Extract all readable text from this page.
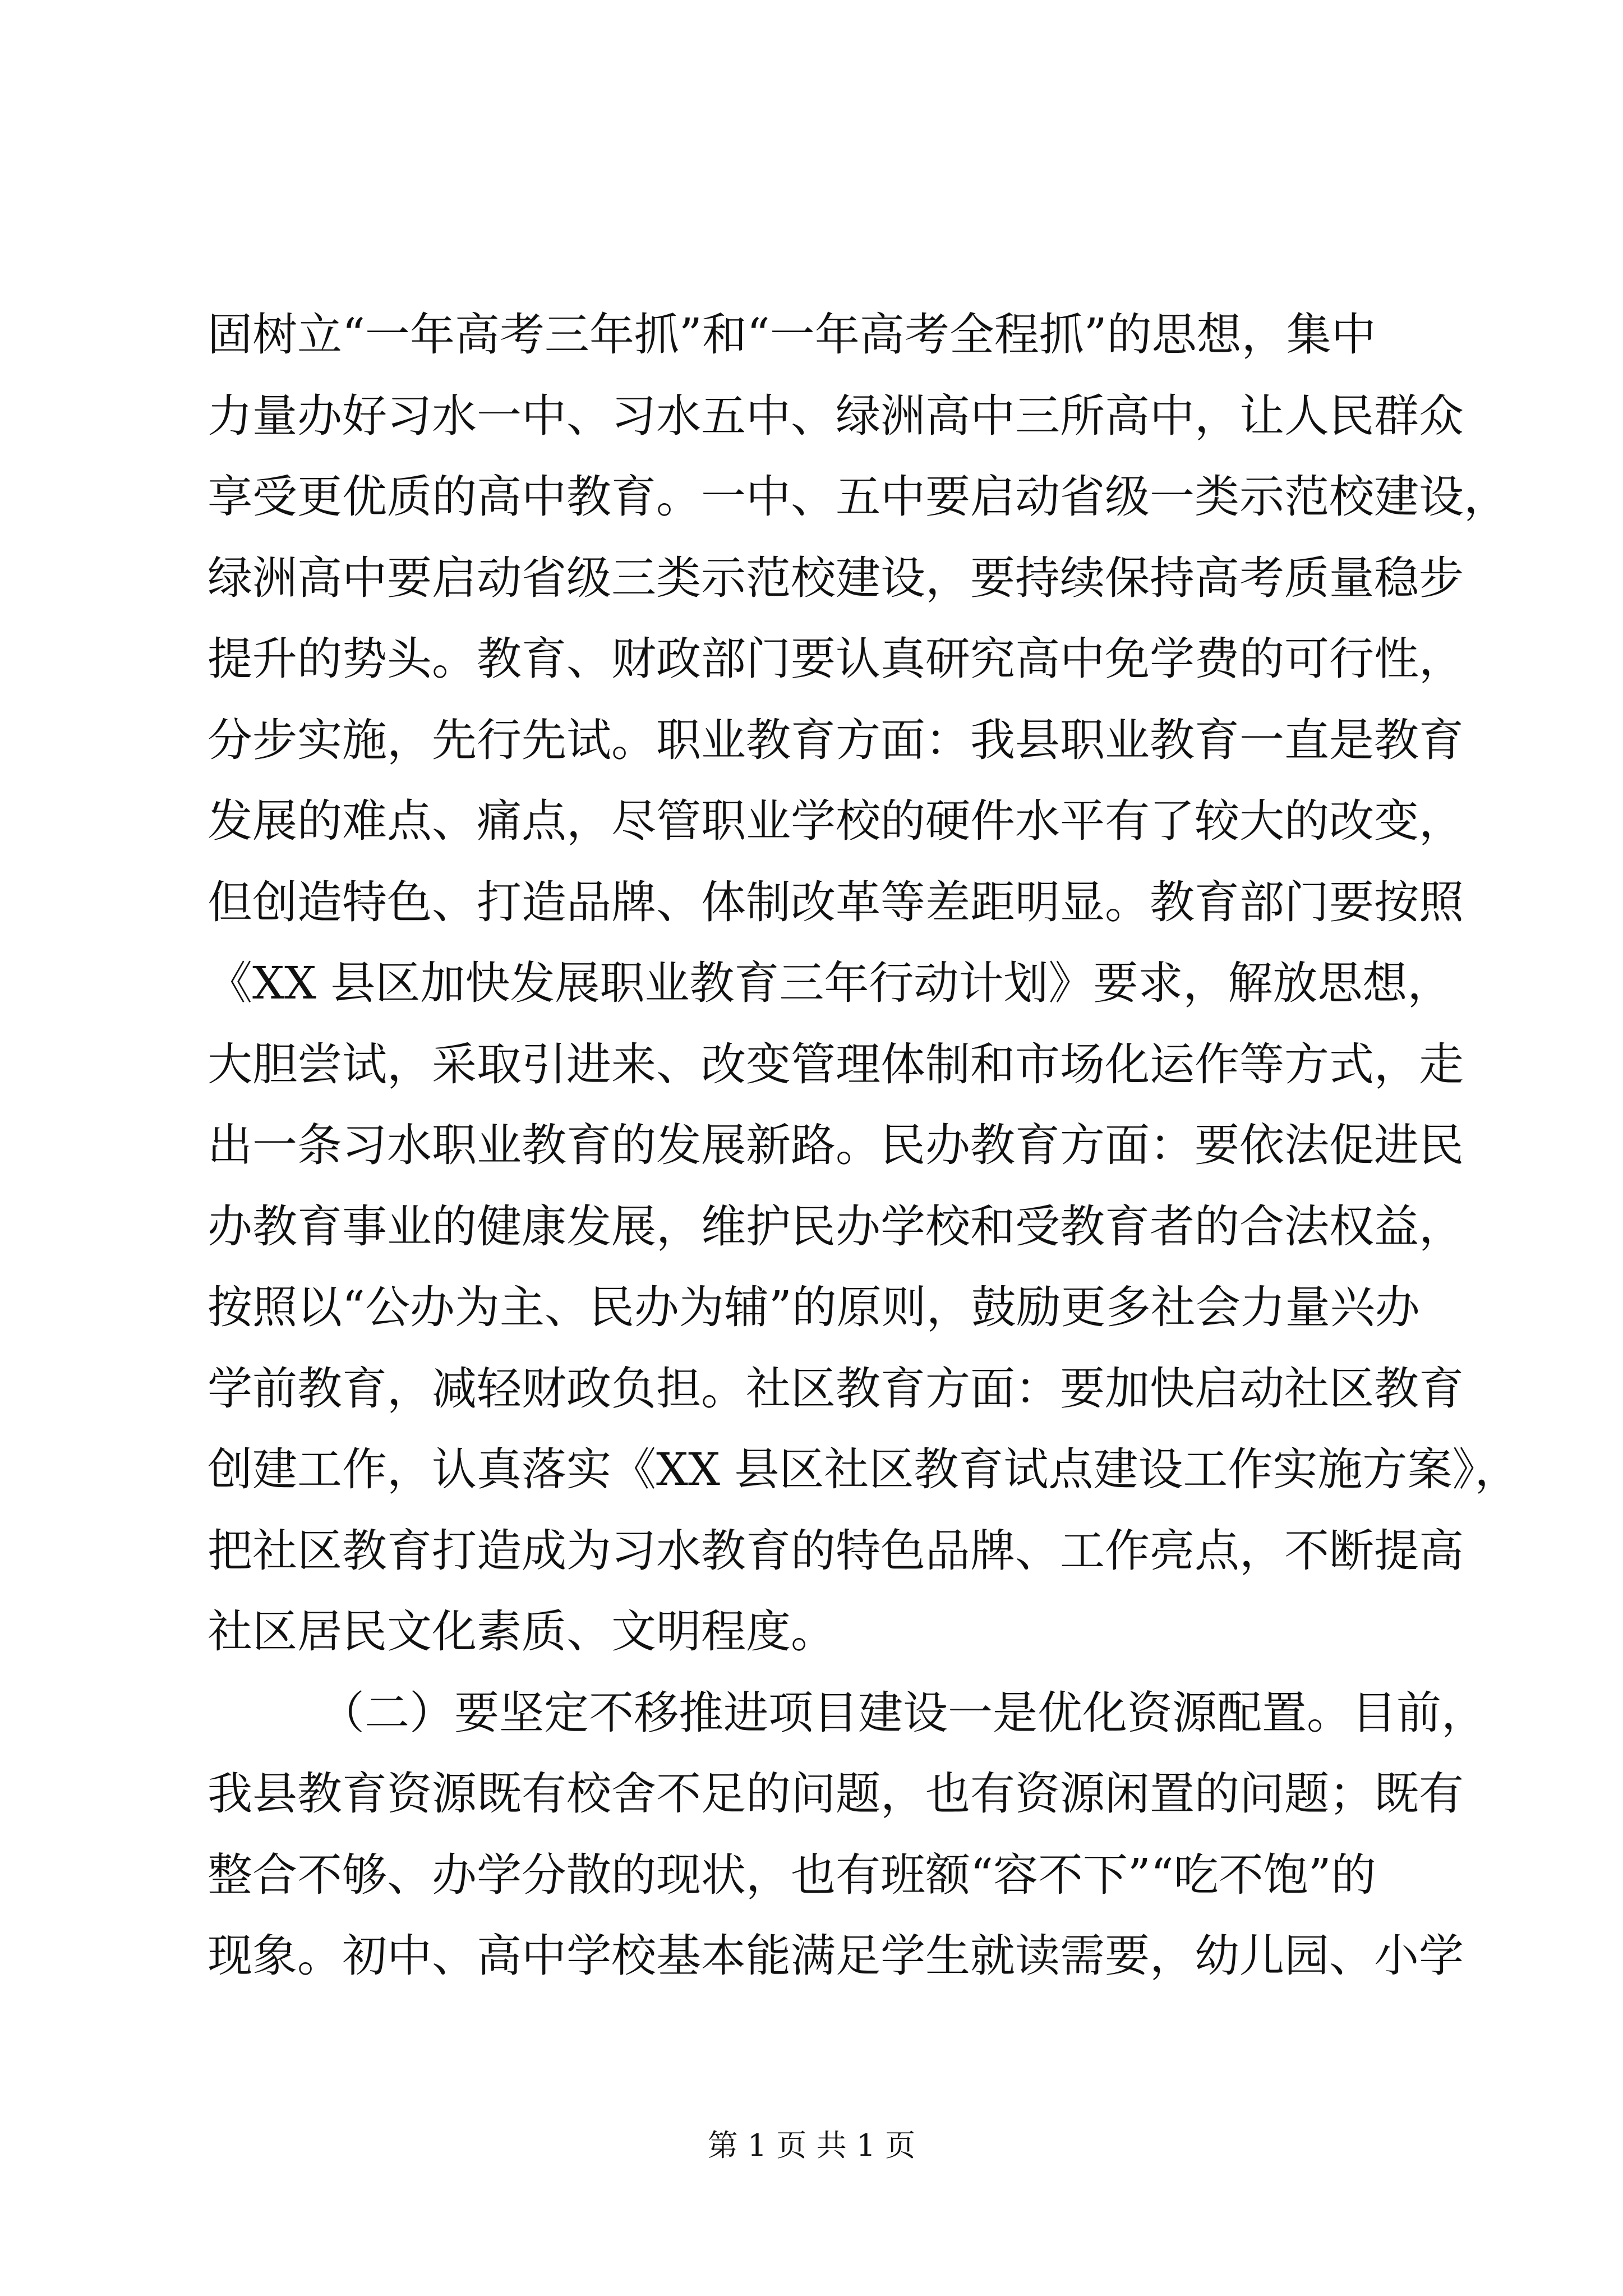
固树立“一年高考三年抓”和“一年高考全程抓”的思想，集中
力量办好习水一中、习水五中、绿洲高中三所高中，让人民群众
享受更优质的高中教育。一中、五中要启动省级一类示范校建设，
绿洲高中要启动省级三类示范校建设，要持续保持高考质量稳步
提升的势头。教育、财政部门要认真研究高中免学费的可行性，
分步实施，先行先试。职业教育方面：我县职业教育一直是教育
发展的难点、痛点，尽管职业学校的硬件水平有了较大的改变，
但创造特色、打造品牌、体制改革等差距明显。教育部门要按照
《XX 县区加快发展职业教育三年行动计划》要求，解放思想，
大胆尝试，采取引进来、改变管理体制和市场化运作等方式，走
出一条习水职业教育的发展新路。民办教育方面：要依法促进民
办教育事业的健康发展，维护民办学校和受教育者的合法权益，
按照以“公办为主、民办为辅”的原则，鼓励更多社会力量兴办
学前教育，减轻财政负担。社区教育方面：要加快启动社区教育
创建工作，认真落实《XX 县区社区教育试点建设工作实施方案》，
把社区教育打造成为习水教育的特色品牌、工作亮点，不断提高
社区居民文化素质、文明程度。
（二）要坚定不移推进项目建设一是优化资源配置。目前，
我县教育资源既有校舍不足的问题，也有资源闲置的问题；既有
整合不够、办学分散的现状，也有班额“容不下”“吃不饱”的
现象。初中、高中学校基本能满足学生就读需要，幼儿园、小学
第 1 页 共 1 页
